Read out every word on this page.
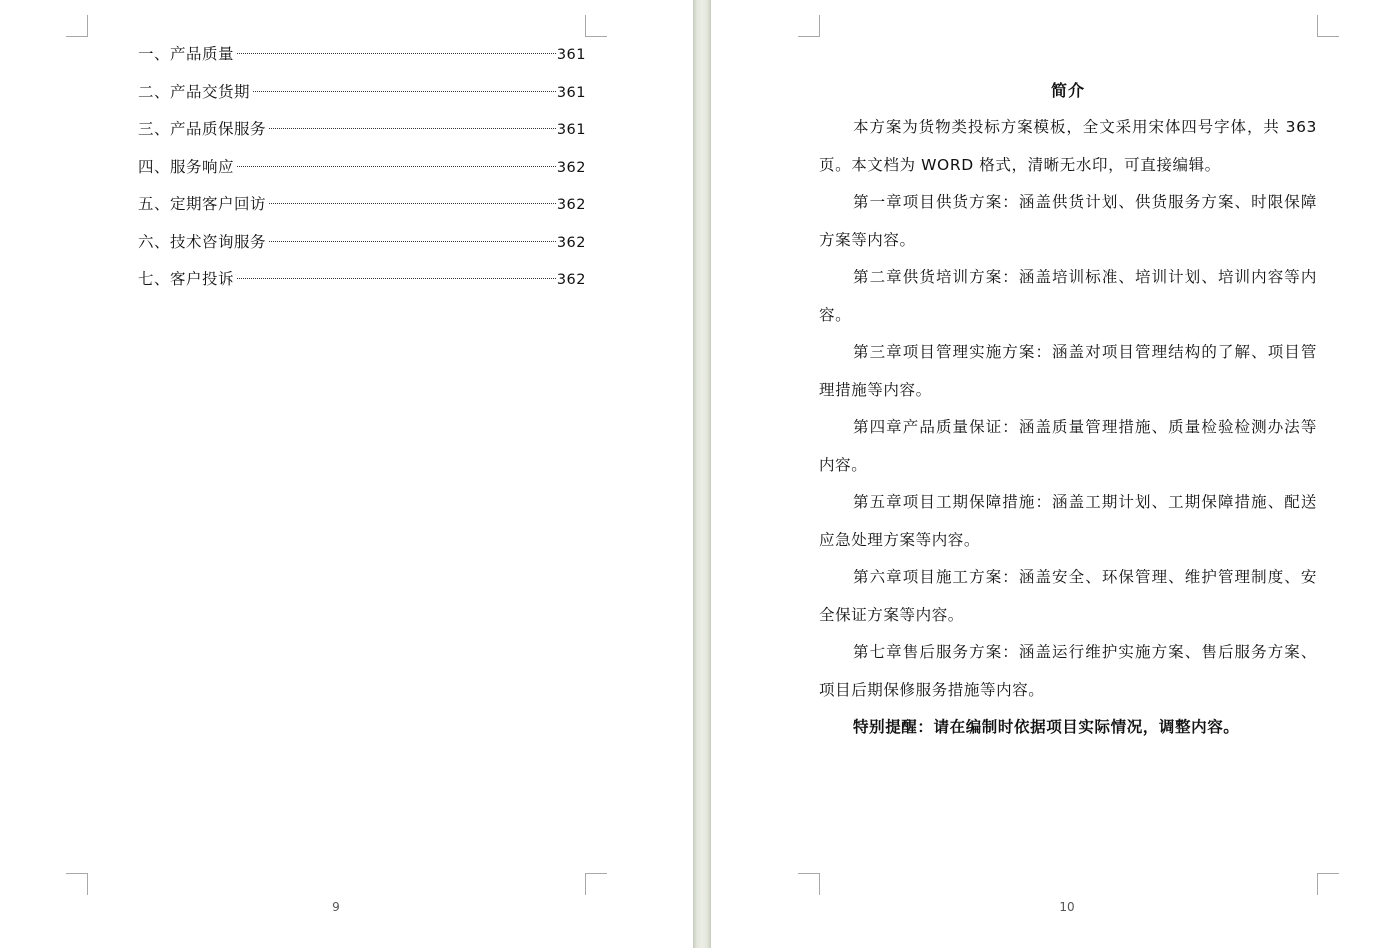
一、产品质量	361
二、产品交货期	361
三、产品质保服务	361
四、服务响应	362
五、定期客户回访	362
六、技术咨询服务	362
七、客户投诉	362
9
简介

本方案为货物类投标方案模板，全文采用宋体四号字体，共 363 页。本文档为 WORD 格式，清晰无水印，可直接编辑。

第一章项目供货方案：涵盖供货计划、供货服务方案、时限保障方案等内容。

第二章供货培训方案：涵盖培训标准、培训计划、培训内容等内容。

第三章项目管理实施方案：涵盖对项目管理结构的了解、项目管理措施等内容。

第四章产品质量保证：涵盖质量管理措施、质量检验检测办法等内容。

第五章项目工期保障措施：涵盖工期计划、工期保障措施、配送应急处理方案等内容。

第六章项目施工方案：涵盖安全、环保管理、维护管理制度、安全保证方案等内容。

第七章售后服务方案：涵盖运行维护实施方案、售后服务方案、项目后期保修服务措施等内容。

特别提醒：请在编制时依据项目实际情况，调整内容。

10
